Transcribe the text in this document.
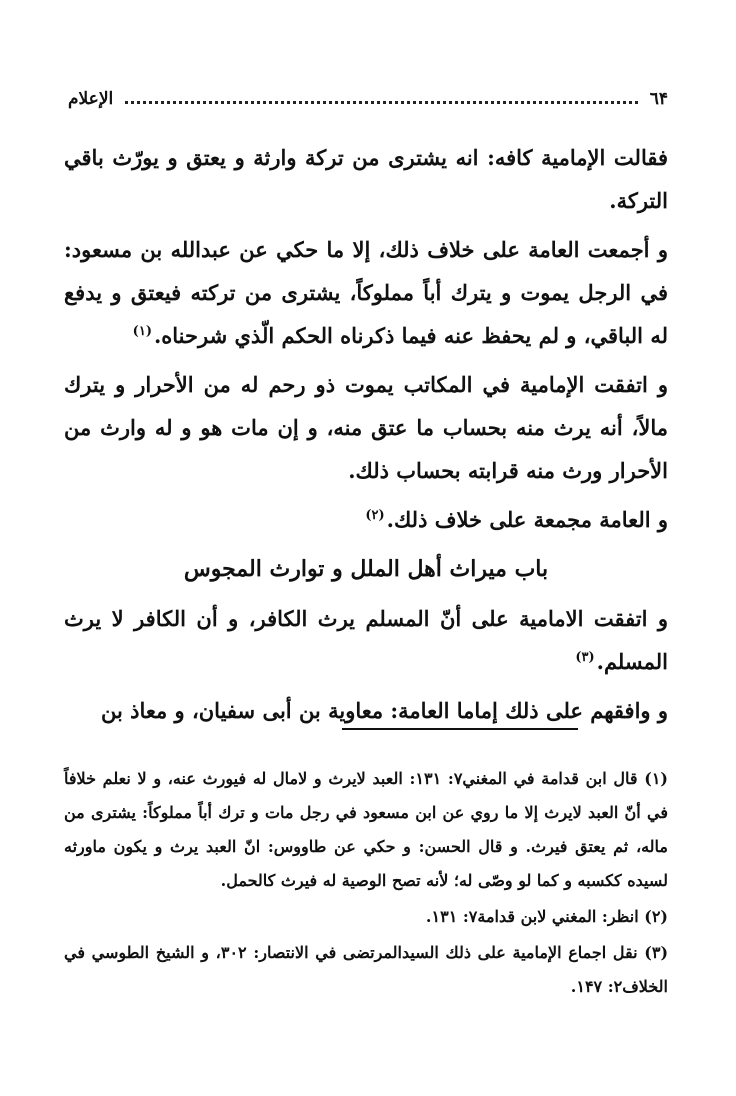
٦۴
الإعلام

فقالت الإمامية كافه: انه يشترى من تركة وارثة و يعتق و يورّث باقي التركة.

و أجمعت العامة على خلاف ذلك، إلا ما حكي عن عبدالله بن مسعود: في الرجل يموت و يترك أباً مملوكاً، يشترى من تركته فيعتق و يدفع له الباقي، و لم يحفظ عنه فيما ذكرناه الحكم الّذي شرحناه.$^{(١)}$

و اتفقت الإمامية في المكاتب يموت ذو رحم له من الأحرار و يترك مالاً، أنه يرث منه بحساب ما عتق منه، و إن مات هو و له وارث من الأحرار ورث منه قرابته بحساب ذلك.

و العامة مجمعة على خلاف ذلك.$^{(٢)}$

باب ميراث أهل الملل و توارث المجوس

و اتفقت الامامية على أنّ المسلم يرث الكافر، و أن الكافر لا يرث المسلم.$^{(٣)}$

و وافقهم على ذلك إماما العامة: معاوية بن أبى سفيان، و معاذ بن

(١) قال ابن قدامة في المغني٧: ١٣١: العبد لايرث و لامال له فيورث عنه، و لا نعلم خلافاً في أنّ العبد لايرث إلا ما روي عن ابن مسعود في رجل مات و ترك أباً مملوكاً: يشترى من ماله، ثم يعتق فيرث. و قال الحسن: و حكي عن طاووس: انّ العبد يرث و يكون ماورثه لسيده ككسبه و كما لو وصّى له؛ لأنه تصح الوصية له فيرث كالحمل.

(٢) انظر: المغني لابن قدامة٧: ١٣١.

(٣) نقل اجماع الإمامية على ذلك السيدالمرتضى في الانتصار: ٣٠٢، و الشيخ الطوسي في الخلاف٢: ١۴٧.
